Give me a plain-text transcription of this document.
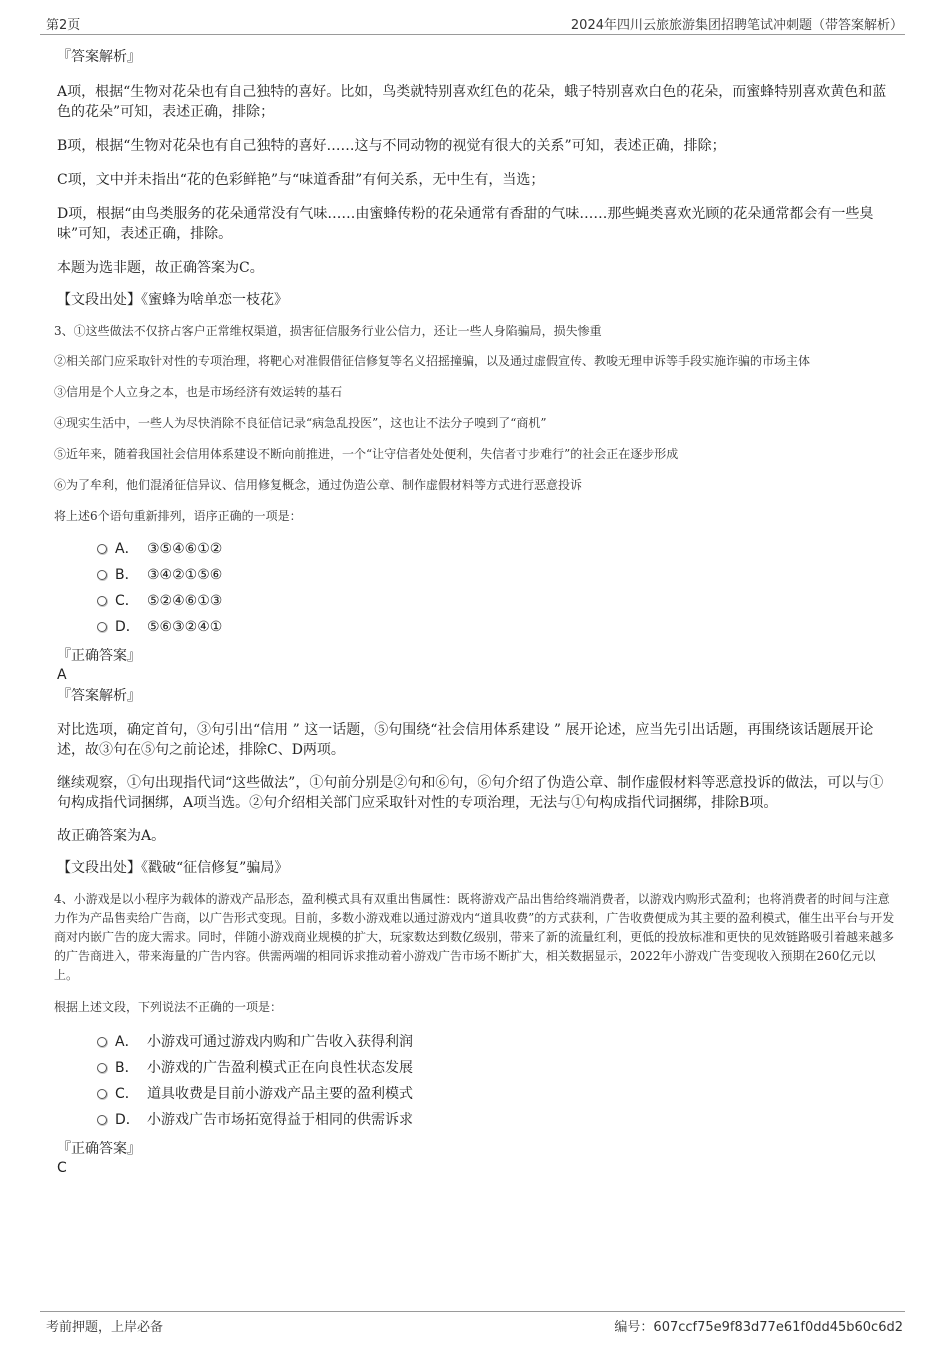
第2页	2024年四川云旅旅游集团招聘笔试冲刺题（带答案解析）

『答案解析』

A项，根据“生物对花朵也有自己独特的喜好。比如，鸟类就特别喜欢红色的花朵，蛾子特别喜欢白色的花朵，而蜜蜂特别喜欢黄色和蓝色的花朵”可知，表述正确，排除；

B项，根据“生物对花朵也有自己独特的喜好……这与不同动物的视觉有很大的关系”可知，表述正确，排除；

C项，文中并未指出“花的色彩鲜艳”与“味道香甜”有何关系，无中生有，当选；

D项，根据“由鸟类服务的花朵通常没有气味……由蜜蜂传粉的花朵通常有香甜的气味……那些蝇类喜欢光顾的花朵通常都会有一些臭味”可知，表述正确，排除。

本题为选非题，故正确答案为C。

【文段出处】《蜜蜂为啥单恋一枝花》

3、①这些做法不仅挤占客户正常维权渠道，损害征信服务行业公信力，还让一些人身陷骗局，损失惨重

②相关部门应采取针对性的专项治理，将靶心对准假借征信修复等名义招摇撞骗，以及通过虚假宣传、教唆无理申诉等手段实施诈骗的市场主体

③信用是个人立身之本，也是市场经济有效运转的基石

④现实生活中，一些人为尽快消除不良征信记录“病急乱投医”，这也让不法分子嗅到了“商机”

⑤近年来，随着我国社会信用体系建设不断向前推进，一个“让守信者处处便利，失信者寸步难行”的社会正在逐步形成

⑥为了牟利，他们混淆征信异议、信用修复概念，通过伪造公章、制作虚假材料等方式进行恶意投诉

将上述6个语句重新排列，语序正确的一项是：

A． ③⑤④⑥①②
B． ③④②①⑤⑥
C． ⑤②④⑥①③
D． ⑤⑥③②④①

『正确答案』

A

『答案解析』

对比选项，确定首句，③句引出“信用 ” 这一话题，⑤句围绕“社会信用体系建设 ” 展开论述，应当先引出话题，再围绕该话题展开论述，故③句在⑤句之前论述，排除C、D两项。

继续观察，①句出现指代词“这些做法”，①句前分别是②句和⑥句，⑥句介绍了伪造公章、制作虚假材料等恶意投诉的做法，可以与①句构成指代词捆绑，A项当选。②句介绍相关部门应采取针对性的专项治理，无法与①句构成指代词捆绑，排除B项。

故正确答案为A。

【文段出处】《戳破“征信修复”骗局》

4、小游戏是以小程序为载体的游戏产品形态，盈利模式具有双重出售属性：既将游戏产品出售给终端消费者，以游戏内购形式盈利；也将消费者的时间与注意力作为产品售卖给广告商，以广告形式变现。目前，多数小游戏难以通过游戏内“道具收费”的方式获利，广告收费便成为其主要的盈利模式，催生出平台与开发商对内嵌广告的庞大需求。同时，伴随小游戏商业规模的扩大，玩家数达到数亿级别，带来了新的流量红利，更低的投放标准和更快的见效链路吸引着越来越多的广告商进入，带来海量的广告内容。供需两端的相同诉求推动着小游戏广告市场不断扩大，相关数据显示，2022年小游戏广告变现收入预期在260亿元以上。

根据上述文段，下列说法不正确的一项是：

A． 小游戏可通过游戏内购和广告收入获得利润
B． 小游戏的广告盈利模式正在向良性状态发展
C． 道具收费是目前小游戏产品主要的盈利模式
D． 小游戏广告市场拓宽得益于相同的供需诉求

『正确答案』

C

考前押题，上岸必备	编号：607ccf75e9f83d77e61f0dd45b60c6d2
